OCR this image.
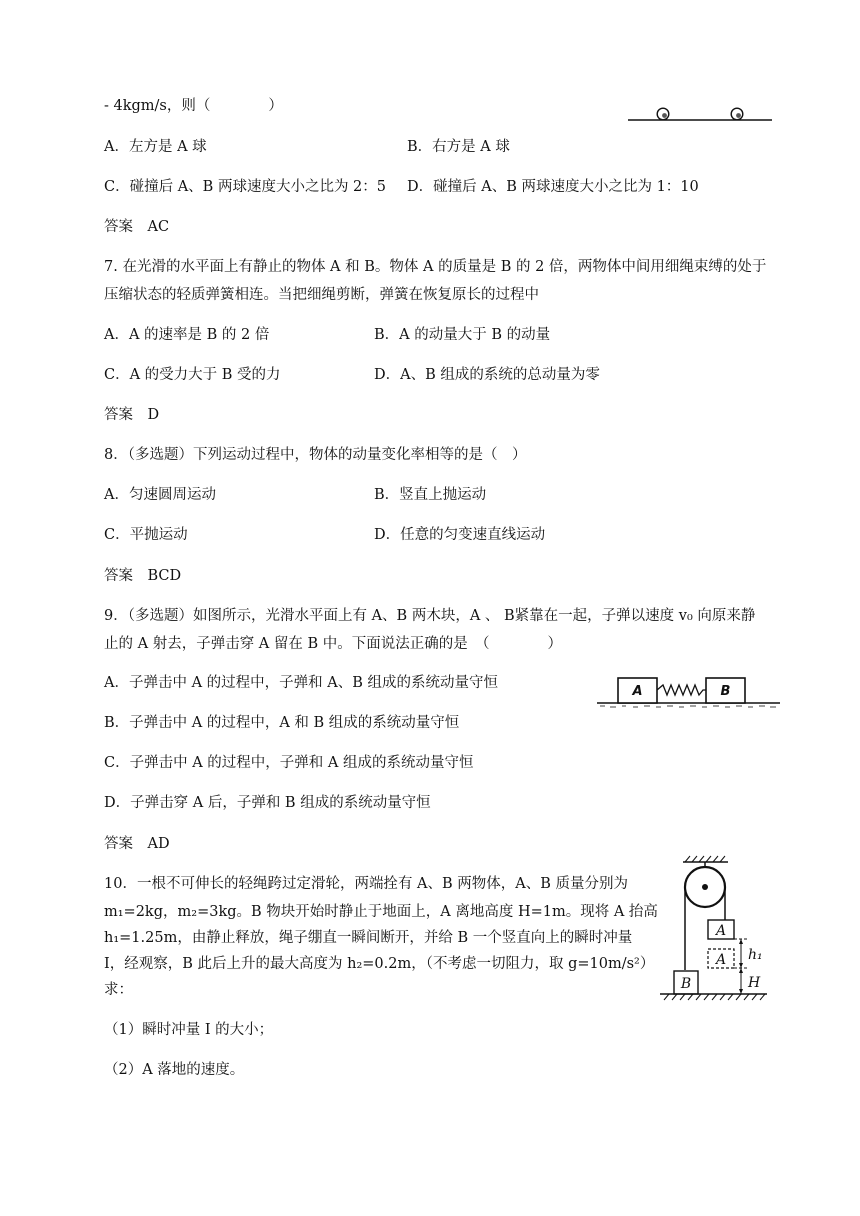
- 4kgm/s，则（　　　　）
A．左方是 A 球	B．右方是 A 球
C．碰撞后 A、B 两球速度大小之比为 2：5 D．碰撞后 A、B 两球速度大小之比为 1：10
答案　AC
7. 在光滑的水平面上有静止的物体 A 和 B。物体 A 的质量是 B 的 2 倍，两物体中间用细绳束缚的处于
压缩状态的轻质弹簧相连。当把细绳剪断，弹簧在恢复原长的过程中
A．A 的速率是 B 的 2 倍	B．A 的动量大于 B 的动量
C．A 的受力大于 B 受的力	D．A、B 组成的系统的总动量为零
答案　D
8．（多选题）下列运动过程中，物体的动量变化率相等的是（　）
A．匀速圆周运动	B．竖直上抛运动
C．平抛运动	D．任意的匀变速直线运动
答案　BCD
9．（多选题）如图所示，光滑水平面上有 A、B 两木块，A 、 B紧靠在一起，子弹以速度 v₀ 向原来静
止的 A 射去，子弹击穿 A 留在 B 中。下面说法正确的是　（　　　　）
A	B
A．子弹击中 A 的过程中，子弹和 A、B 组成的系统动量守恒
B．子弹击中 A 的过程中，A 和 B 组成的系统动量守恒
C．子弹击中 A 的过程中，子弹和 A 组成的系统动量守恒
D．子弹击穿 A 后，子弹和 B 组成的系统动量守恒
答案　AD
10．一根不可伸长的轻绳跨过定滑轮，两端拴有 A、B 两物体，A、B 质量分别为
m₁=2kg，m₂=3kg。B 物块开始时静止于地面上，A 离地高度 H=1m。现将 A 抬高
h₁=1.25m，由静止释放，绳子绷直一瞬间断开，并给 B 一个竖直向上的瞬时冲量
I，经观察，B 此后上升的最大高度为 h₂=0.2m，（不考虑一切阻力，取 g=10m/s²）
求：
（1）瞬时冲量 I 的大小；
（2）A 落地的速度。
A
A h₁
H
B
